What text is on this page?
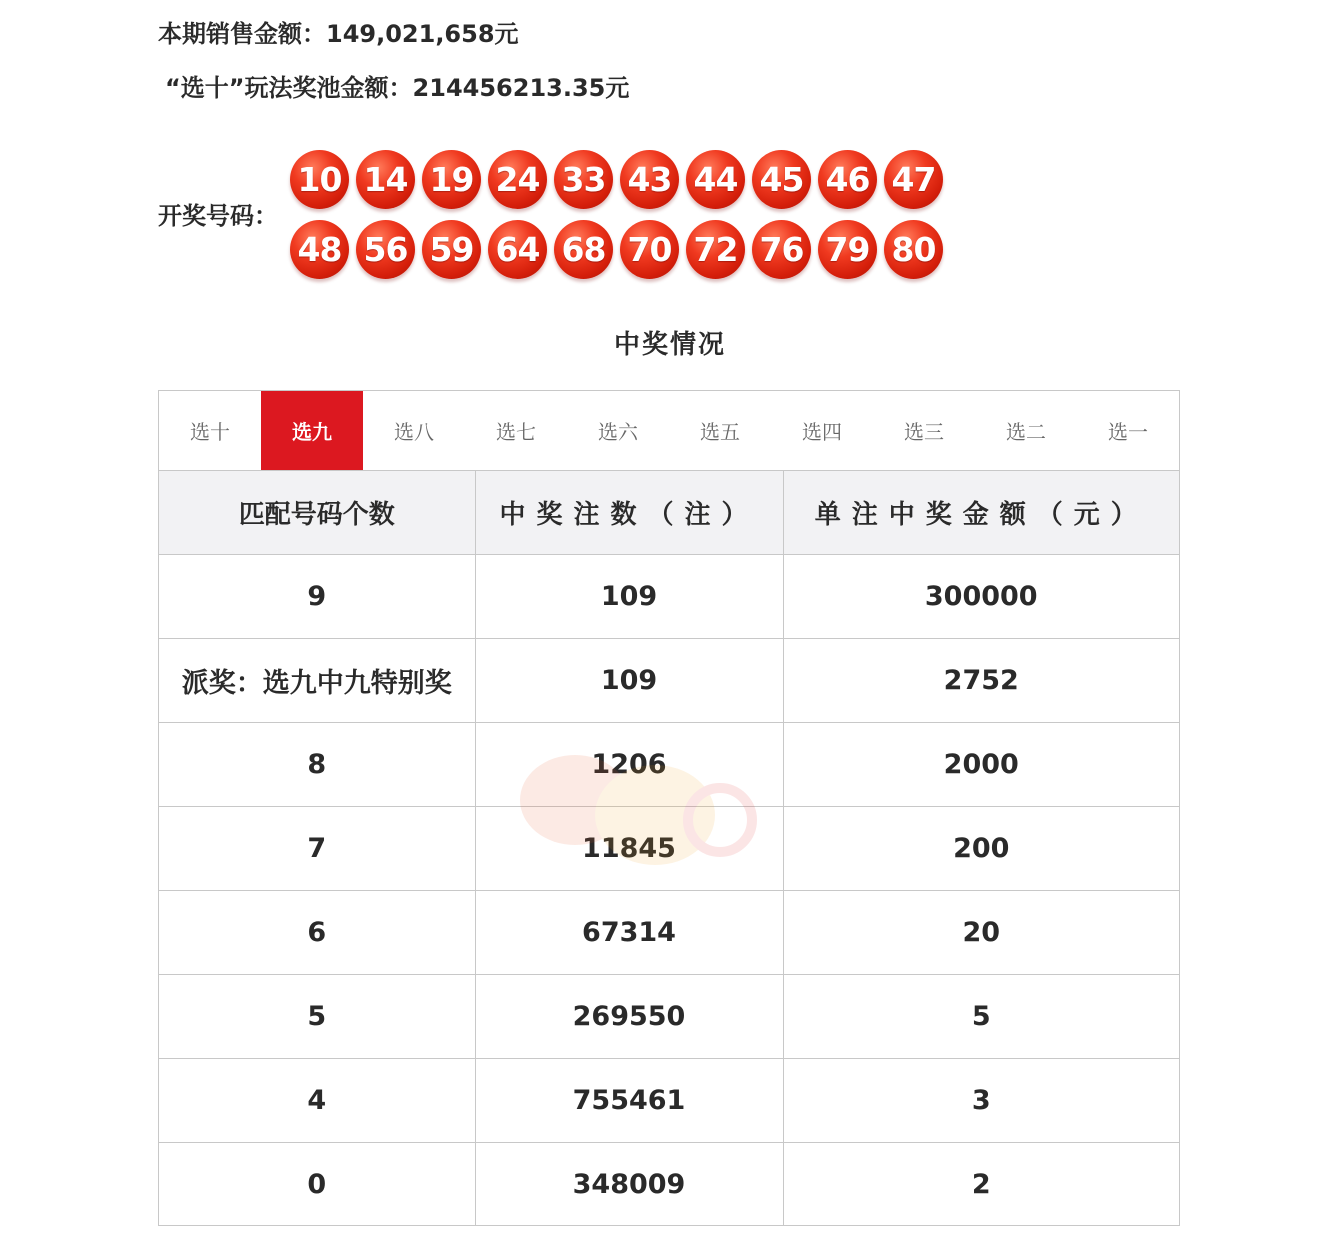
本期销售金额：149,021,658元
“选十”玩法奖池金额：214456213.35元
开奖号码：
10 14 19 24 33 43 44 45 46 47
48 56 59 64 68 70 72 76 79 80
中奖情况
选十	选九	选八	选七	选六	选五	选四	选三	选二	选一
匹配号码个数	中奖注数（注）	单注中奖金额（元）
9	109	300000
派奖：选九中九特别奖	109	2752
8	1206	2000
7	11845	200
6	67314	20
5	269550	5
4	755461	3
0	348009	2
